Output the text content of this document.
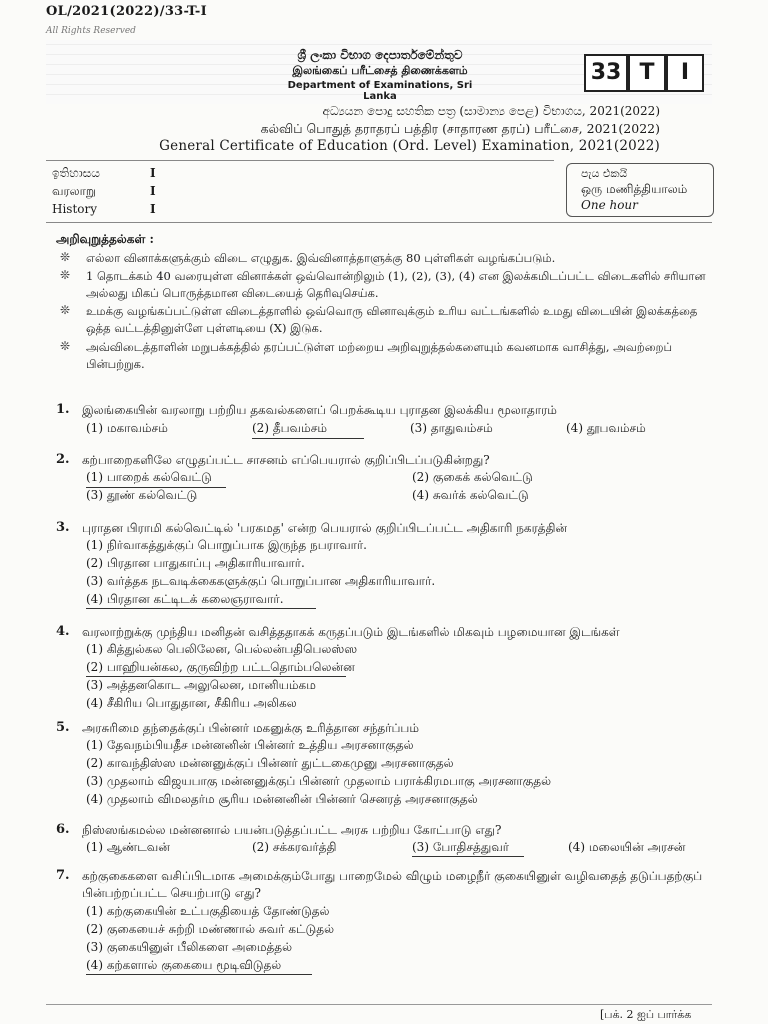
OL/2021(2022)/33-T-I
All Rights Reserved
ශ්‍රී ලංකා විභාග දෙපාර්තමේන්තුව
இலங்கைப் பரீட்சைத் திணைக்களம்
Department of Examinations, Sri Lanka
33 T	I
අධ්‍යයන පොදු සහතික පත්‍ර (සාමාන්‍ය පෙළ) විභාගය, 2021(2022)
கல்விப் பொதுத் தராதரப் பத்திர (சாதாரண தரப்) பரீட்சை, 2021(2022)
General Certificate of Education (Ord. Level) Examination, 2021(2022)
ඉතිහාසය	I
வரலாறு	I
History	I
පැය එකයි
ஒரு மணித்தியாலம்
One hour
அறிவுறுத்தல்கள் :
❊ எல்லா வினாக்களுக்கும் விடை எழுதுக. இவ்வினாத்தாளுக்கு 80 புள்ளிகள் வழங்கப்படும்.
❊ 1 தொடக்கம் 40 வரையுள்ள வினாக்கள் ஒவ்வொன்றிலும் (1), (2), (3), (4) என இலக்கமிடப்பட்ட விடைகளில் சரியான அல்லது மிகப் பொருத்தமான விடையைத் தெரிவுசெய்க.
❊ உமக்கு வழங்கப்பட்டுள்ள விடைத்தாளில் ஒவ்வொரு வினாவுக்கும் உரிய வட்டங்களில் உமது விடையின் இலக்கத்தை ஒத்த வட்டத்தினுள்ளே புள்ளடியை (X) இடுக.
❊ அவ்விடைத்தாளின் மறுபக்கத்தில் தரப்பட்டுள்ள மற்றைய அறிவுறுத்தல்களையும் கவனமாக வாசித்து, அவற்றைப் பின்பற்றுக.
1. இலங்கையின் வரலாறு பற்றிய தகவல்களைப் பெறக்கூடிய புராதன இலக்கிய மூலாதாரம்
(1) மகாவம்சம்	(2) தீபவம்சம்	(3) தாதுவம்சம்	(4) தூபவம்சம்
2. கற்பாறைகளிலே எழுதப்பட்ட சாசனம் எப்பெயரால் குறிப்பிடப்படுகின்றது?
(1) பாறைக் கல்வெட்டு	(2) குகைக் கல்வெட்டு
(3) தூண் கல்வெட்டு	(4) சுவர்க் கல்வெட்டு
3. புராதன பிராமி கல்வெட்டில் 'பரகமத' என்ற பெயரால் குறிப்பிடப்பட்ட அதிகாரி நகரத்தின்
(1) நிர்வாகத்துக்குப் பொறுப்பாக இருந்த நபராவார்.
(2) பிரதான பாதுகாப்பு அதிகாரியாவார்.
(3) வர்த்தக நடவடிக்கைகளுக்குப் பொறுப்பான அதிகாரியாவார்.
(4) பிரதான கட்டிடக் கலைஞராவார்.
4. வரலாற்றுக்கு முந்திய மனிதன் வசித்ததாகக் கருதப்படும் இடங்களில் மிகவும் பழமையான இடங்கள்
(1) கித்துல்கல பெலிலேன, பெல்லன்பதிபெலஸ்ஸ
(2) பாஹியன்கல, குருவிற்ற பட்டதொம்பலென்ன
(3) அத்தனகொட அலுலென, மானியம்கம
(4) சீகிரிய பொதுதான, சீகிரிய அலிகல
5. அரசுரிமை தந்தைக்குப் பின்னர் மகனுக்கு உரித்தான சந்தர்ப்பம்
(1) தேவநம்பியதீச மன்னனின் பின்னர் உத்திய அரசனாகுதல்
(2) காவந்திஸ்ஸ மன்னனுக்குப் பின்னர் துட்டகைமுனு அரசனாகுதல்
(3) முதலாம் விஜயபாகு மன்னனுக்குப் பின்னர் முதலாம் பராக்கிரமபாகு அரசனாகுதல்
(4) முதலாம் விமலதர்ம சூரிய மன்னனின் பின்னர் செனரத் அரசனாகுதல்
6. நிஸ்ஸங்கமல்ல மன்னனால் பயன்படுத்தப்பட்ட அரசு பற்றிய கோட்பாடு எது?
(1) ஆண்டவன்	(2) சக்கரவர்த்தி	(3) போதிசத்துவர்	(4) மலையின் அரசன்
7. கற்குகைகளை வசிப்பிடமாக அமைக்கும்போது பாறைமேல் விழும் மழைநீர் குகையினுள் வழிவதைத் தடுப்பதற்குப் பின்பற்றப்பட்ட செயற்பாடு எது?
(1) கற்குகையின் உட்பகுதியைத் தோண்டுதல்
(2) குகையைச் சுற்றி மண்ணால் சுவர் கட்டுதல்
(3) குகையினுள் பீலிகளை அமைத்தல்
(4) கற்களால் குகையை மூடிவிடுதல்
[பக். 2 ஐப் பார்க்க
